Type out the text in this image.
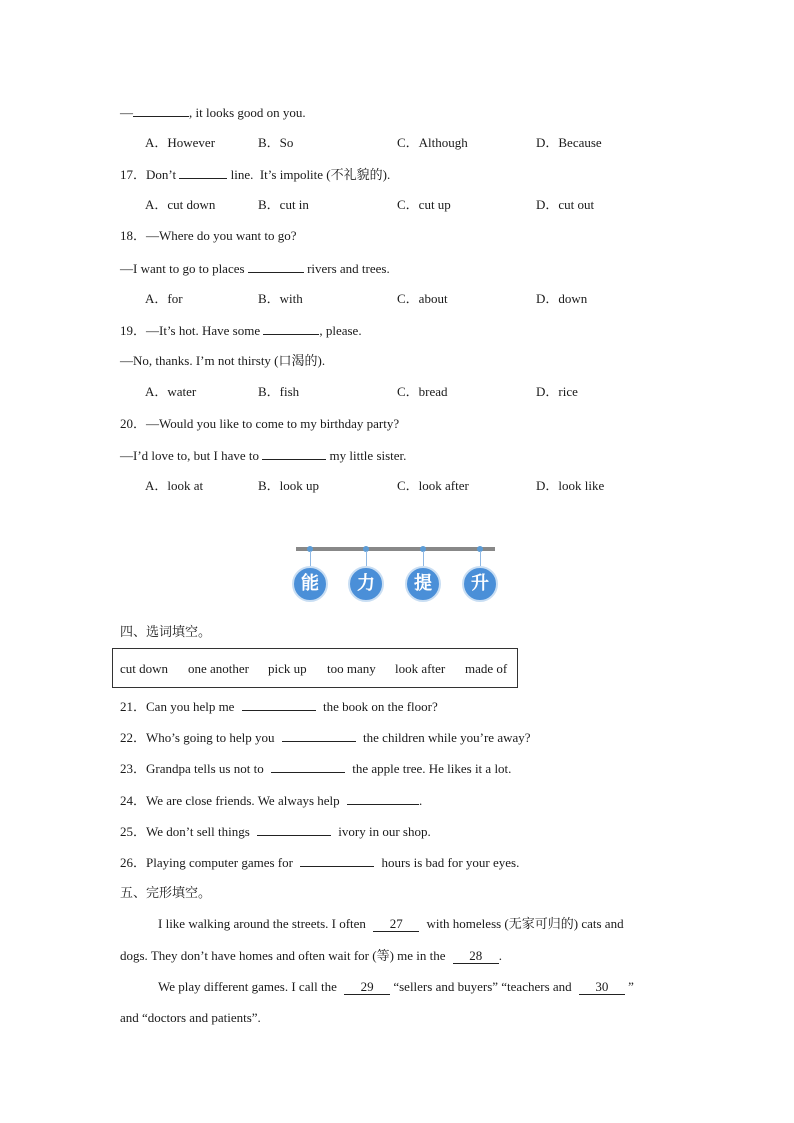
—	, it looks good on you.
A．However	B．So	C．Although	D．Because
17．Don’t	line.  It’s impolite (不礼貌的).
A．cut down	B．cut in	C．cut up	D．cut out
18．—Where do you want to go?
—I want to go to places	rivers and trees.
A．for	B．with	C．about	D．down
19．—It’s hot. Have some	, please.
—No, thanks. I’m not thirsty (口渴的).
A．water	B．fish	C．bread	D．rice
20．—Would you like to come to my birthday party?
—I’d love to, but I have to	my little sister.
A．look at	B．look up	C．look after	D．look like
能	力	提	升
四、选词填空。
cut down one another pick up too many look after made of
21．Can you help me	the book on the floor?
22．Who’s going to help you	the children while you’re away?
23．Grandpa tells us not to	the apple tree. He likes it a lot.
24．We are close friends. We always help	.
25．We don’t sell things	ivory in our shop.
26．Playing computer games for	hours is bad for your eyes.
五、完形填空。
I like walking around the streets. I often 27 with homeless (无家可归的) cats and
dogs. They don’t have homes and often wait for (等) me in the 28 .
We play different games. I call the 29 “sellers and buyers” “teachers and 30 ”
and “doctors and patients”.
